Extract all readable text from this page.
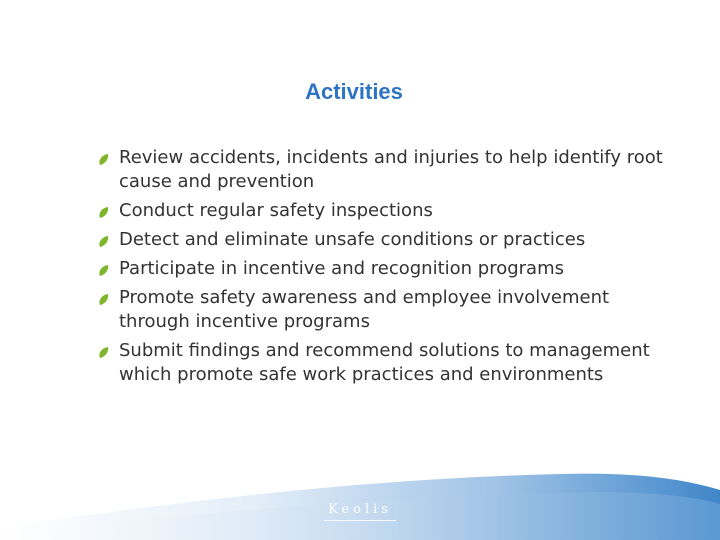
Keolis
Activities
Review accidents, incidents and injuries to help identify root cause and prevention
Conduct regular safety inspections
Detect and eliminate unsafe conditions or practices
Participate in incentive and recognition programs
Promote safety awareness and employee involvement through incentive programs
Submit findings and recommend solutions to management which promote safe work practices and environments
